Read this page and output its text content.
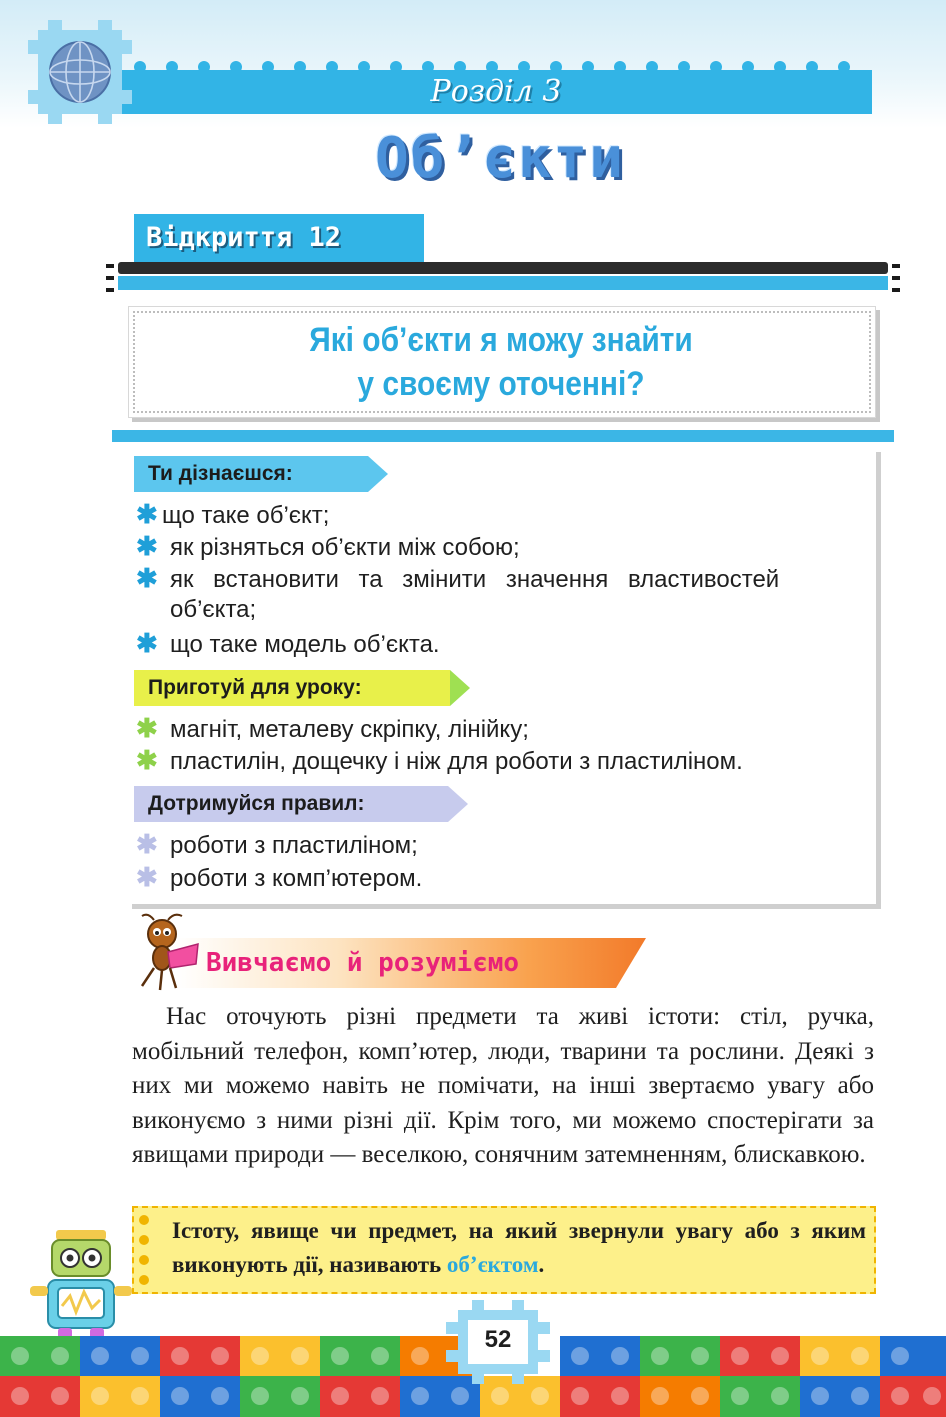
Розділ 3
Об’єкти
Відкриття 12
Які об’єкти я можу знайти
у своєму оточенні?
Ти дізнаєшся:
✱ що таке об’єкт;
✱ як різняться об’єкти між собою;
✱ як встановити та змінити значення властивостей
об’єкта;
✱ що таке модель об’єкта.
Приготуй для уроку:
✱ магніт, металеву скріпку, лінійку;
✱ пластилін, дощечку і ніж для роботи з пластиліном.
Дотримуйся правил:
✱ роботи з пластиліном;
✱ роботи з комп’ютером.
Вивчаємо й розуміємо
Нас оточують різні предмети та живі істоти: стіл, ручка, мобільний телефон, комп’ютер, люди, тварини та рослини. Деякі з них ми можемо навіть не помічати, на інші звертаємо увагу або виконуємо з ними різні дії. Крім того, ми можемо спостерігати за явищами природи — веселкою, сонячним затемненням, блискавкою.
Істоту, явище чи предмет, на який звернули увагу або з яким виконують дії, називають об’єктом.
52
